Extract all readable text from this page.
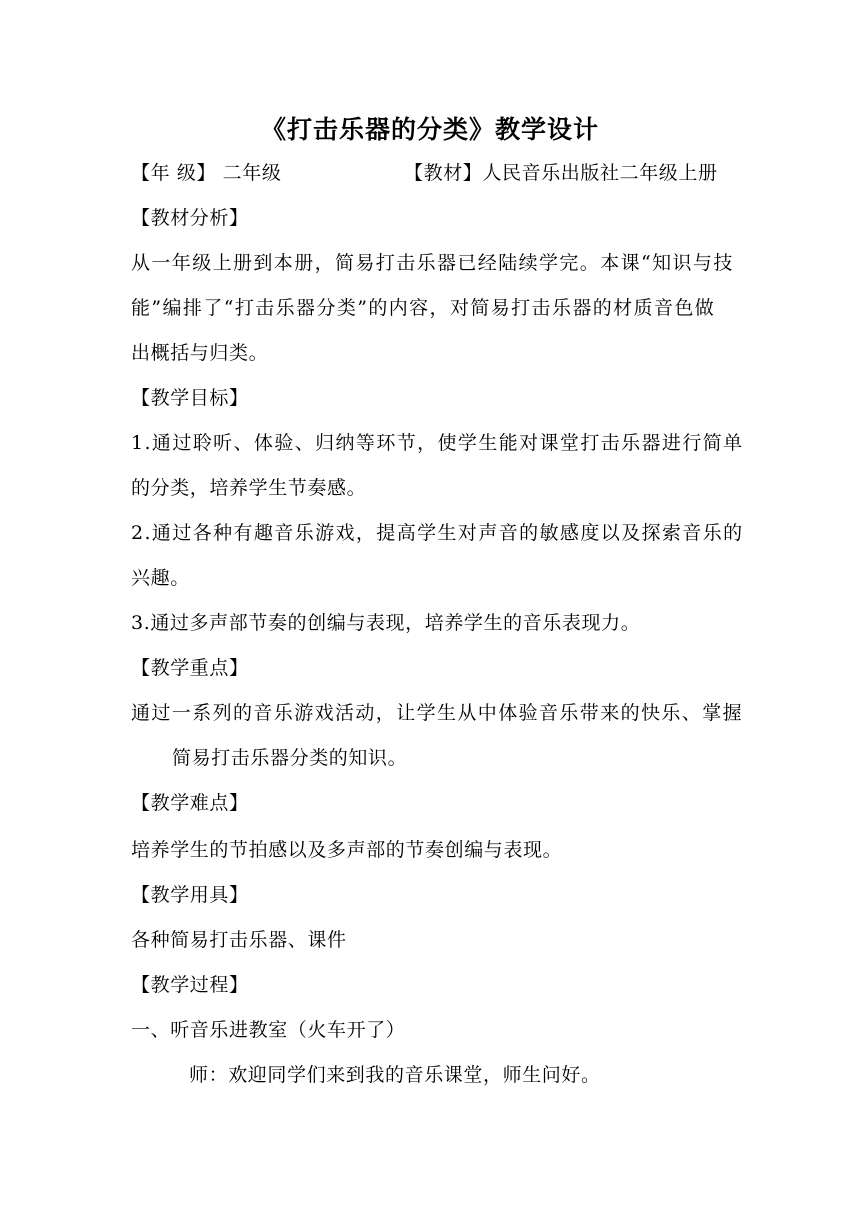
《打击乐器的分类》教学设计
【年 级】 二年级	【教材】人民音乐出版社二年级上册
【教材分析】
从一年级上册到本册，简易打击乐器已经陆续学完。本课“知识与技
能”编排了“打击乐器分类”的内容，对简易打击乐器的材质音色做
出概括与归类。
【教学目标】
1.通过聆听、体验、归纳等环节，使学生能对课堂打击乐器进行简单
的分类，培养学生节奏感。
2.通过各种有趣音乐游戏，提高学生对声音的敏感度以及探索音乐的
兴趣。
3.通过多声部节奏的创编与表现，培养学生的音乐表现力。
【教学重点】
通过一系列的音乐游戏活动，让学生从中体验音乐带来的快乐、掌握
简易打击乐器分类的知识。
【教学难点】
培养学生的节拍感以及多声部的节奏创编与表现。
【教学用具】
各种简易打击乐器、课件
【教学过程】
一、听音乐进教室（火车开了）
师：欢迎同学们来到我的音乐课堂，师生问好。
